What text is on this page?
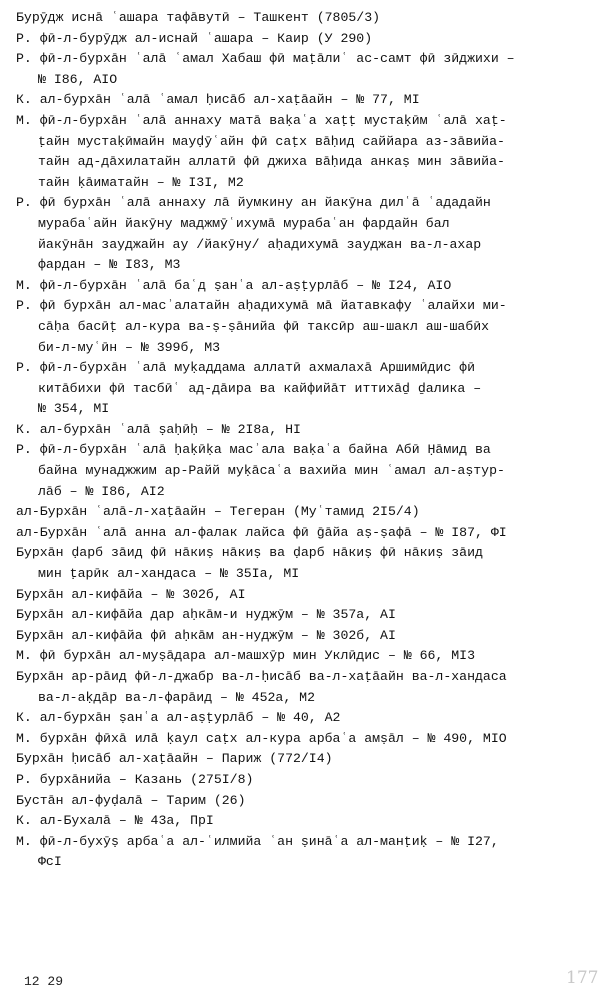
Бурӯдж иснā ʿашара тафāвутӣ – Ташкент (7805/3)
Р. фӣ-л-бурӯдж ал-иснай ʿашара – Каир (У 290)
Р. фӣ-л-бурхāн ʿалā ʿамал Хабаш фӣ маṭāлиʿ ас-самт фӣ зӣджихи –
№ I86, AIO
К. ал-бурхāн ʿалā ʿамал ḥисāб ал-хаṭāайн – № 77, MI
М. фӣ-л-бурхāн ʿалā аннаху матā ваḳаʿа хаṭṭ мустаḳӣм ʿалā хаṭ-
ṭайн мустаḳӣмайн мауḍӯʿайн фӣ саṭх вāḥид саййара аз-зāвийа-
тайн ад-дāхилатайн аллатӣ фӣ джиха вāḥида анкаṣ мин зāвийа-
тайн ḳāиматайн – № I3I, M2
Р. фӣ бурхāн ʿалā аннаху лā йумкину ан йакӯна дилʿā ʿададайн
мурабаʿайн йакӯну маджмӯʿихумā мурабаʿан фардайн бал
йакӯнāн зауджайн ау /йакӯну/ аḥадихумā зауджан ва-л-ахар
фардан – № I83, M3
М. фӣ-л-бурхāн ʿалā баʿд ṣанʿа ал-аṣṭурлāб – № I24, AIO
Р. фӣ бурхāн ал-масʾалатайн аḥадихумā мā йатавкафу ʿалайхи ми-
сāḥа басӣṭ ал-кура ва-ṣ-ṣāнийа фӣ таксӣр аш-шакл аш-шабӣх
би-л-муʿӣн – № 399б, M3
Р. фӣ-л-бурхāн ʿалā муḳаддама аллатӣ ахмалахā Аршимӣдис фӣ
китāбихи фӣ тасбӣʿ ад-дāира ва кайфийāт иттихāḏ ḏалика –
№ 354, MI
К. ал-бурхāн ʿалā ṣаḥӣḥ – № 2I8а, HI
Р. фӣ-л-бурхāн ʿалā ḥаḳӣḳа масʾала ваḳаʿа байна Абӣ Ḥāмид ва
байна мунаджжим ар-Райй муḳāсаʿа вахийа мин ʿамал ал-аṣтур-
лāб – № I86, AI2
ал-Бурхāн ʿалā-л-хаṭāайн – Тегеран (Муʿтамид 2I5/4)
ал-Бурхāн ʿалā анна ал-фалак лайса фӣ ḡāйа аṣ-ṣафā – № I87, ФI
Бурхāн ḍарб зāид фӣ нāкиṣ нāкиṣ ва ḍарб нāкиṣ фӣ нāкиṣ зāид
мин ṭарӣк ал-хандаса – № 35Iа, MI
Бурхāн ал-кифāйа – № 302б, AI
Бурхāн ал-кифāйа дар аḥкāм-и нуджӯм – № 357а, AI
Бурхāн ал-кифāйа фӣ аḥкāм ан-нуджӯм – № 302б, AI
М. фӣ бурхāн ал-муṣāдара ал-машхӯр мин Уклӣдис – № 66, MI3
Бурхāн ар-рāид фӣ-л-джабр ва-л-ḥисāб ва-л-хаṭāайн ва-л-хандаса
ва-л-аḳдāр ва-л-фарāид – № 452а, M2
К. ал-бурхāн ṣанʿа ал-аṣṭурлāб – № 40, A2
М. бурхāн фӣхā илā ḳаул саṭх ал-кура арбаʿа амṣāл – № 490, MIO
Бурхāн ḥисāб ал-хаṭāайн – Париж (772/I4)
Р. бурхāнийа – Казань (275I/8)
Бустāн ал-фуḍалā – Тарим (26)
К. ал-Бухалā – № 43а, ПрI
М. фӣ-л-бухӯṣ арбаʿа ал-ʿилмийа ʿан ṣинāʿа ал-манṭиḳ – № I27,
ФсI
12 29	177
